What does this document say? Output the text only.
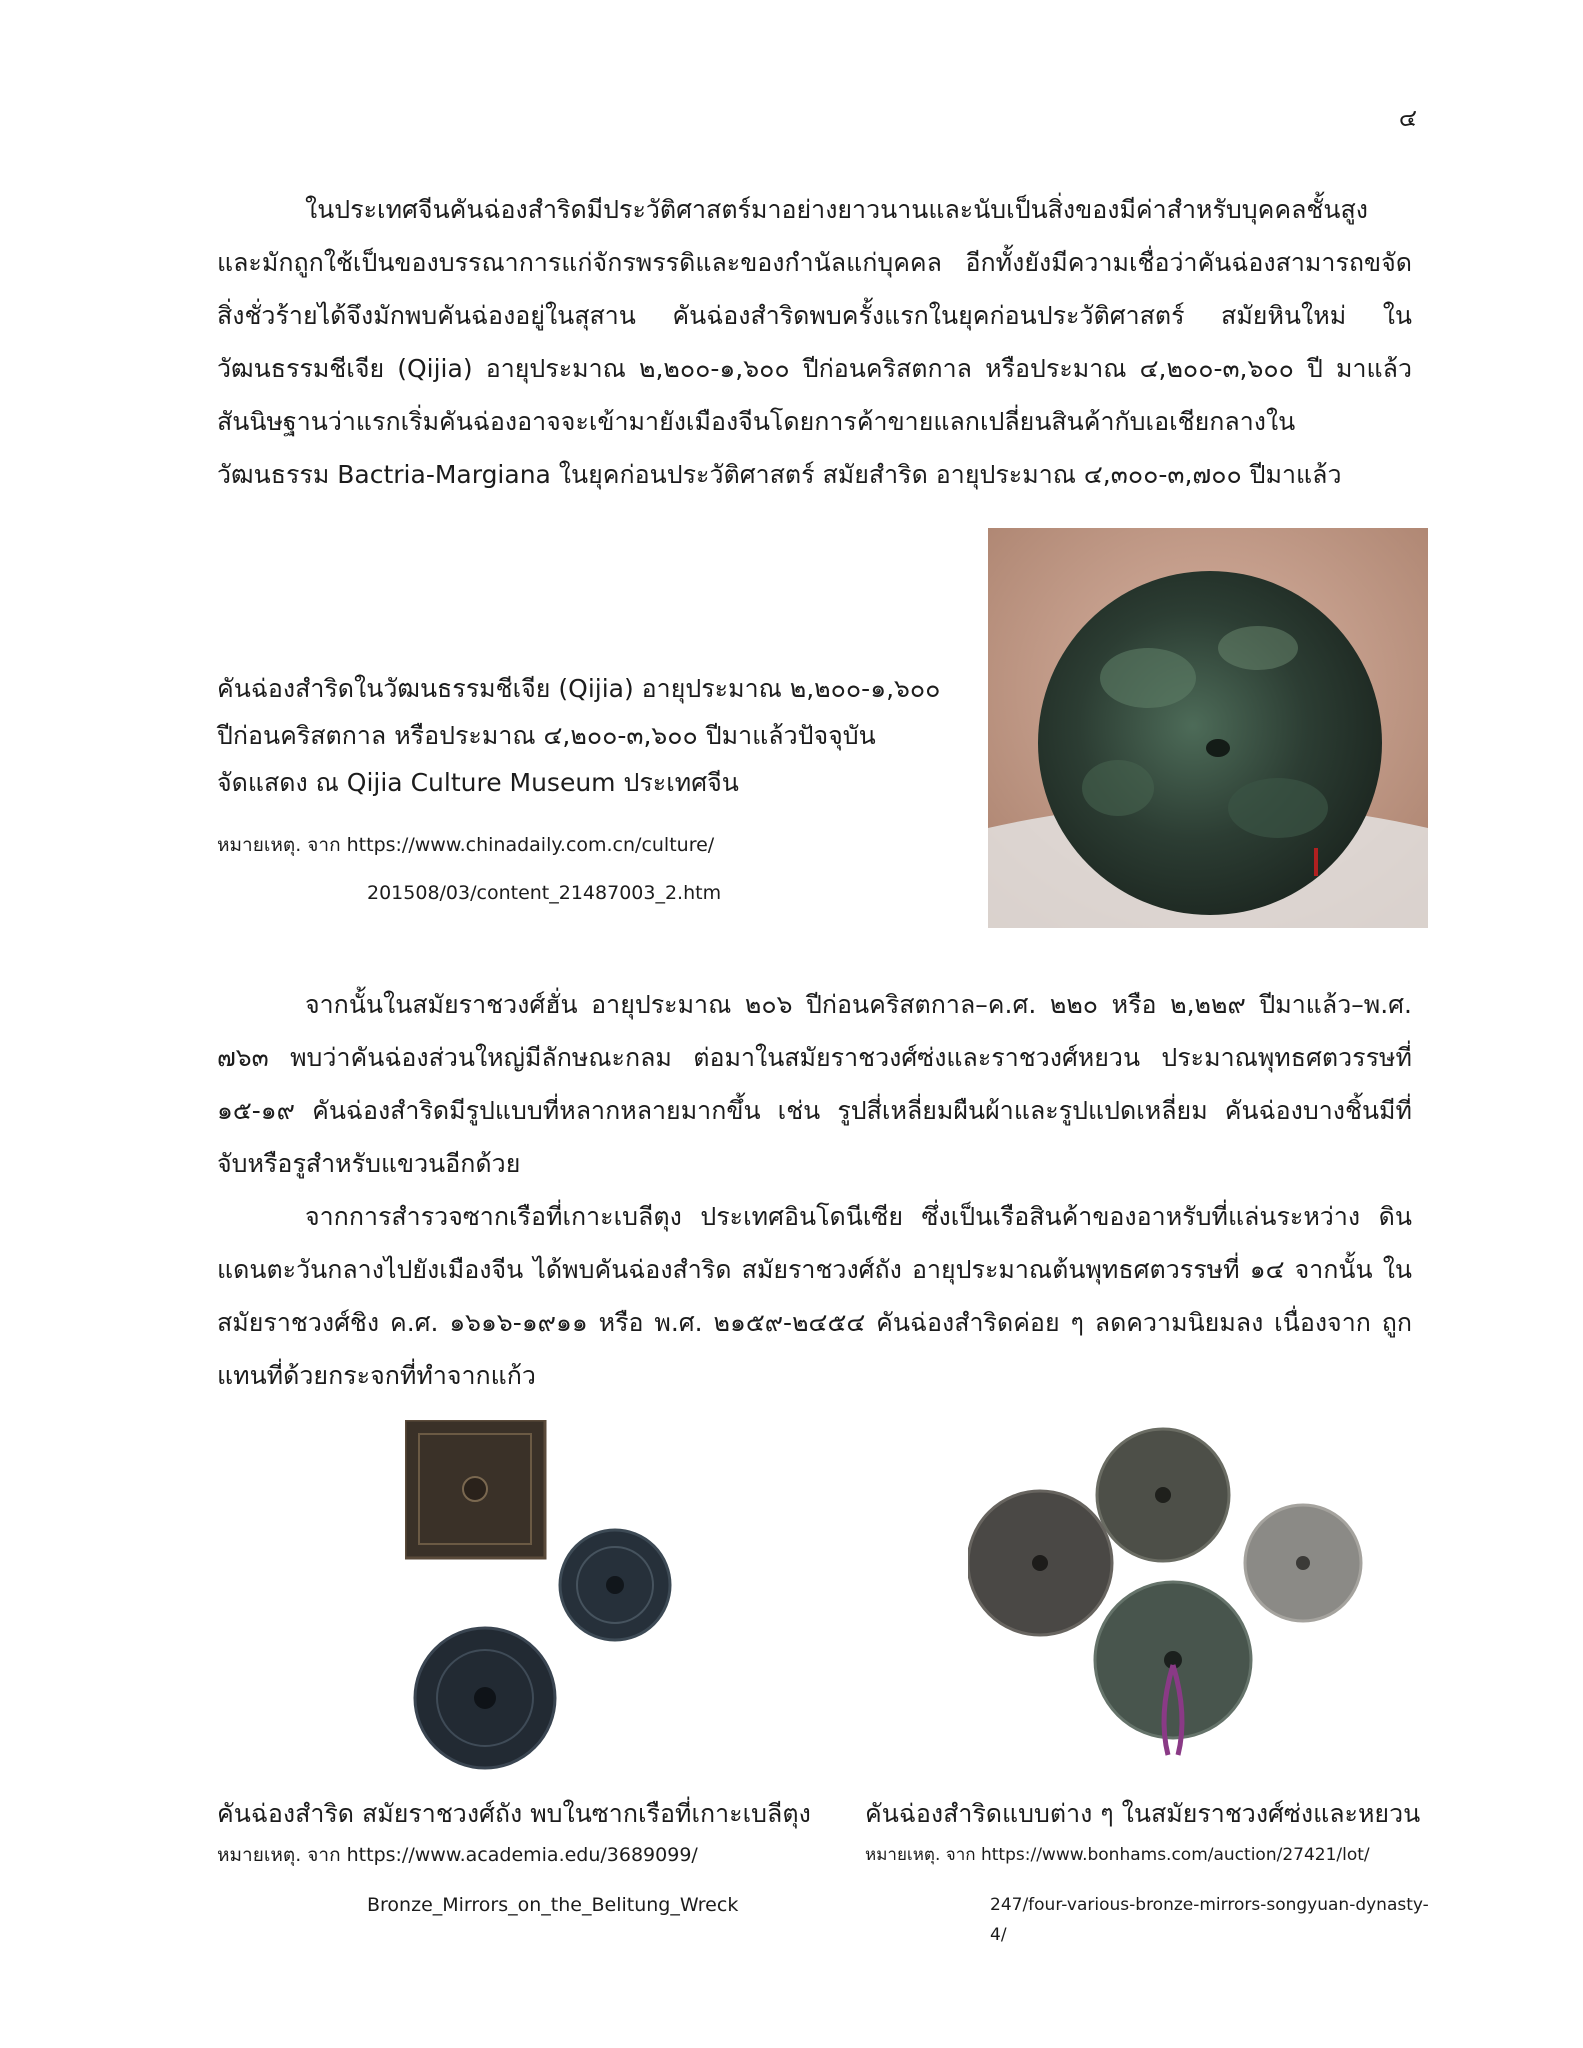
๔

ในประเทศจีนคันฉ่องสำริดมีประวัติศาสตร์มาอย่างยาวนานและนับเป็นสิ่งของมีค่าสำหรับบุคคลชั้นสูง และมักถูกใช้เป็นของบรรณาการแก่จักรพรรดิและของกำนัลแก่บุคคล อีกทั้งยังมีความเชื่อว่าคันฉ่องสามารถขจัดสิ่งชั่วร้ายได้จึงมักพบคันฉ่องอยู่ในสุสาน คันฉ่องสำริดพบครั้งแรกในยุคก่อนประวัติศาสตร์ สมัยหินใหม่ ในวัฒนธรรมชีเจีย (Qijia) อายุประมาณ ๒,๒๐๐-๑,๖๐๐ ปีก่อนคริสตกาล หรือประมาณ ๔,๒๐๐-๓,๖๐๐ ปี มาแล้ว สันนิษฐานว่าแรกเริ่มคันฉ่องอาจจะเข้ามายังเมืองจีนโดยการค้าขายแลกเปลี่ยนสินค้ากับเอเชียกลางใน วัฒนธรรม Bactria-Margiana ในยุคก่อนประวัติศาสตร์ สมัยสำริด อายุประมาณ ๔,๓๐๐-๓,๗๐๐ ปีมาแล้ว

คันฉ่องสำริดในวัฒนธรรมชีเจีย (Qijia) อายุประมาณ ๒,๒๐๐-๑,๖๐๐
ปีก่อนคริสตกาล หรือประมาณ ๔,๒๐๐-๓,๖๐๐ ปีมาแล้วปัจจุบัน
จัดแสดง ณ Qijia Culture Museum ประเทศจีน
หมายเหตุ. จาก https://www.chinadaily.com.cn/culture/
201508/03/content_21487003_2.htm

จากนั้นในสมัยราชวงศ์ฮั่น อายุประมาณ ๒๐๖ ปีก่อนคริสตกาล–ค.ศ. ๒๒๐ หรือ ๒,๒๒๙ ปีมาแล้ว–พ.ศ. ๗๖๓ พบว่าคันฉ่องส่วนใหญ่มีลักษณะกลม ต่อมาในสมัยราชวงศ์ซ่งและราชวงศ์หยวน ประมาณพุทธศตวรรษที่ ๑๕-๑๙ คันฉ่องสำริดมีรูปแบบที่หลากหลายมากขึ้น เช่น รูปสี่เหลี่ยมผืนผ้าและรูปแปดเหลี่ยม คันฉ่องบางชิ้นมีที่ จับหรือรูสำหรับแขวนอีกด้วย

จากการสำรวจซากเรือที่เกาะเบลีตุง ประเทศอินโดนีเซีย ซึ่งเป็นเรือสินค้าของอาหรับที่แล่นระหว่าง ดินแดนตะวันกลางไปยังเมืองจีน ได้พบคันฉ่องสำริด สมัยราชวงศ์ถัง อายุประมาณต้นพุทธศตวรรษที่ ๑๔ จากนั้น ในสมัยราชวงศ์ชิง ค.ศ. ๑๖๑๖-๑๙๑๑ หรือ พ.ศ. ๒๑๕๙-๒๔๕๔ คันฉ่องสำริดค่อย ๆ ลดความนิยมลง เนื่องจาก ถูกแทนที่ด้วยกระจกที่ทำจากแก้ว

คันฉ่องสำริด สมัยราชวงศ์ถัง พบในซากเรือที่เกาะเบลีตุง
หมายเหตุ. จาก https://www.academia.edu/3689099/
Bronze_Mirrors_on_the_Belitung_Wreck
คันฉ่องสำริดแบบต่าง ๆ ในสมัยราชวงศ์ซ่งและหยวน
หมายเหตุ. จาก https://www.bonhams.com/auction/27421/lot/
247/four-various-bronze-mirrors-songyuan-dynasty-4/
